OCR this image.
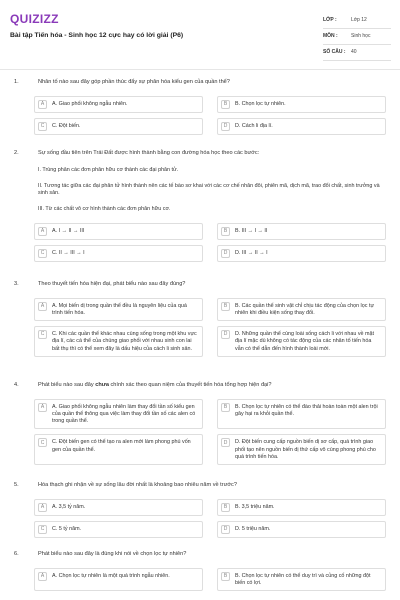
QUIZIZZ
Bài tập Tiến hóa - Sinh học 12 cực hay có lời giải (P6)
LỚP :	Lớp 12
MÔN :	Sinh học
SỐ CÂU :	40
1.	Nhân tố nào sau đây góp phần thúc đẩy sự phân hóa kiểu gen của quần thể?
A	A. Giao phối không ngẫu nhiên.	B	B. Chọn lọc tự nhiên.
C	C. Đột biến.	D	D. Cách li địa lí.
2.	Sự sống đầu tiên trên Trái Đất được hình thành bằng con đường hóa học theo các bước:
I. Trùng phân các đơn phân hữu cơ thành các đại phân tử.
II. Tương tác giữa các đại phân tử hình thành nên các tế bào sơ khai với các cơ chế nhân đôi, phiên mã, dịch mã, trao đổi chất, sinh trưởng và sinh sản.
III. Từ các chất vô cơ hình thành các đơn phân hữu cơ.
A	A. I → II → III	B	B. III → I → II
C	C. II → III → I	D	D. III → II → I
3.	Theo thuyết tiến hóa hiện đại, phát biểu nào sau đây đúng?
A	A. Mọi biến dị trong quần thể đều là nguyên liệu của quá trình tiến hóa.
B	B. Các quần thể sinh vật chỉ chịu tác động của chọn lọc tự nhiên khi điều kiện sống thay đổi.
C	C. Khi các quần thể khác nhau cùng sống trong một khu vực địa lí, các cá thể của chúng giao phối với nhau sinh con lai bất thụ thì có thể xem đây là dấu hiệu của cách li sinh sản.
D	D. Những quần thể cùng loài sống cách li với nhau về mặt địa lí mặc dù không có tác động của các nhân tố tiến hóa vẫn có thể dẫn đến hình thành loài mới.
4.	Phát biểu nào sau đây chưa chính xác theo quan niệm của thuyết tiến hóa tổng hợp hiện đại?
A	A. Giao phối không ngẫu nhiên làm thay đổi tần số kiểu gen của quần thể thông qua việc làm thay đổi tần số các alen có trong quần thể.
B	B. Chọn lọc tự nhiên có thể đào thải hoàn toàn một alen trội gây hại ra khỏi quần thể.
C	C. Đột biến gen có thể tạo ra alen mới làm phong phú vốn gen của quần thể.
D	D. Đột biến cung cấp nguồn biến dị sơ cấp, quá trình giao phối tạo nên nguồn biến dị thứ cấp vô cùng phong phú cho quá trình tiến hóa.
5.	Hóa thạch ghi nhận về sự sống lâu đời nhất là khoảng bao nhiêu năm về trước?
A	A. 3,5 tỷ năm.	B	B. 3,5 triệu năm.
C	C. 5 tỷ năm.	D	D. 5 triệu năm.
6.	Phát biểu nào sau đây là đúng khi nói về chọn lọc tự nhiên?
A	A. Chọn lọc tự nhiên là một quá trình ngẫu nhiên.	B	B. Chọn lọc tự nhiên có thể duy trì và củng cố những đột biến có lợi.
